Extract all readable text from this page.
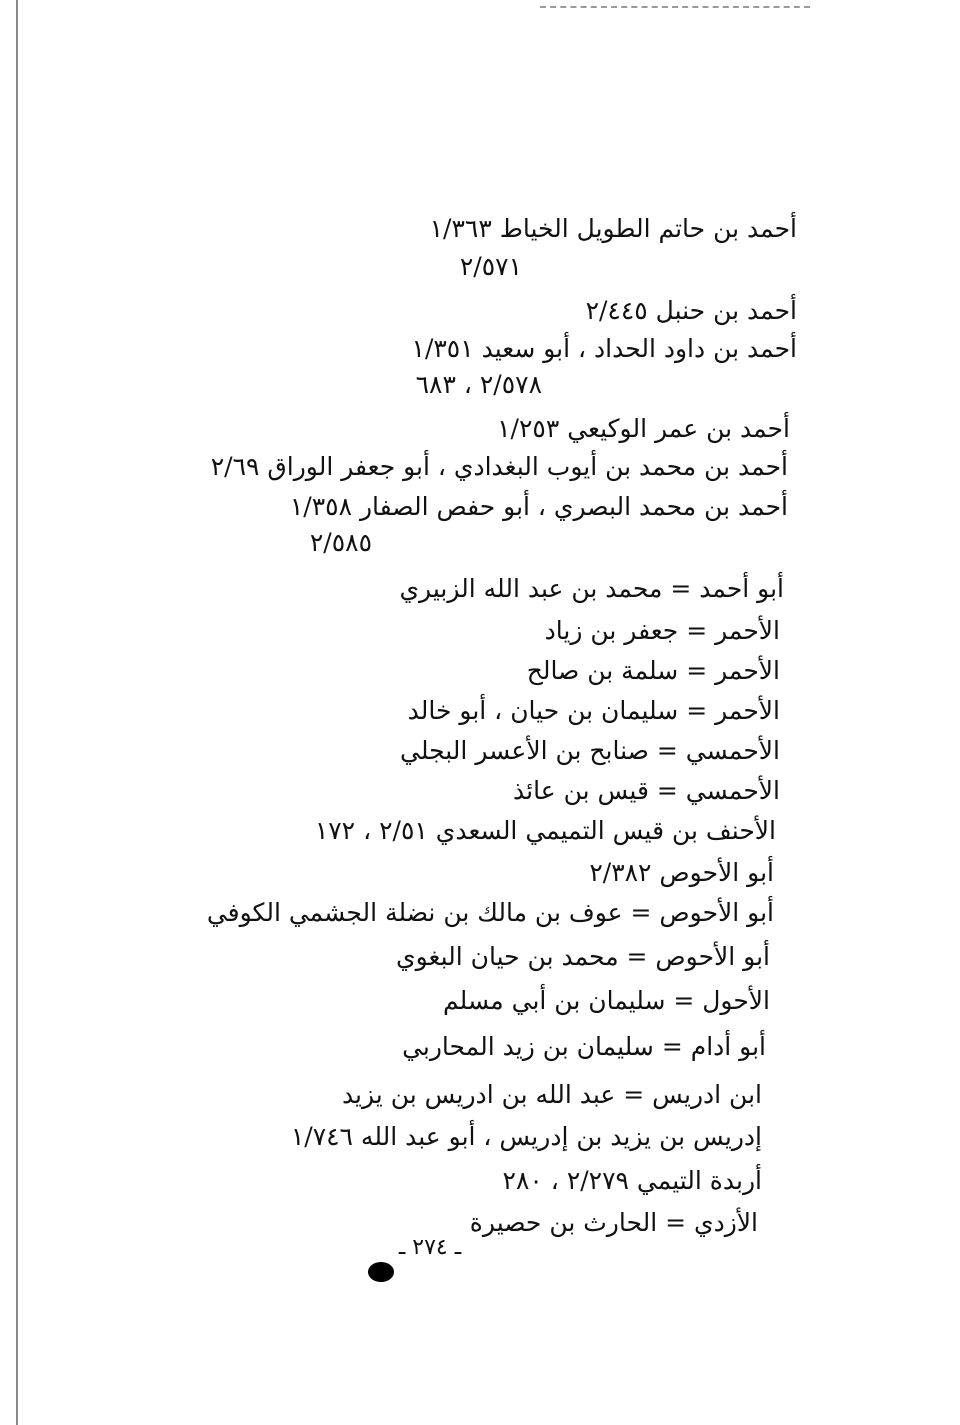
أحمد بن حاتم الطويل الخياط ١/٣٦٣
٢/٥٧١
أحمد بن حنبل ٢/٤٤٥
أحمد بن داود الحداد ، أبو سعيد ١/٣٥١
٢/٥٧٨ ، ٦٨٣
أحمد بن عمر الوكيعي ١/٢٥٣
أحمد بن محمد بن أيوب البغدادي ، أبو جعفر الوراق ٢/٦٩
أحمد بن محمد البصري ، أبو حفص الصفار ١/٣٥٨
٢/٥٨٥
أبو أحمد = محمد بن عبد الله الزبيري
الأحمر = جعفر بن زياد
الأحمر = سلمة بن صالح
الأحمر = سليمان بن حيان ، أبو خالد
الأحمسي = صنابح بن الأعسر البجلي
الأحمسي = قيس بن عائذ
الأحنف بن قيس التميمي السعدي ٢/٥١ ، ١٧٢
أبو الأحوص ٢/٣٨٢
أبو الأحوص = عوف بن مالك بن نضلة الجشمي الكوفي
أبو الأحوص = محمد بن حيان البغوي
الأحول = سليمان بن أبي مسلم
أبو أدام = سليمان بن زيد المحاربي
ابن ادريس = عبد الله بن ادريس بن يزيد
إدريس بن يزيد بن إدريس ، أبو عبد الله ١/٧٤٦
أربدة التيمي ٢/٢٧٩ ، ٢٨٠
الأزدي = الحارث بن حصيرة
ـ ٢٧٤ ـ
